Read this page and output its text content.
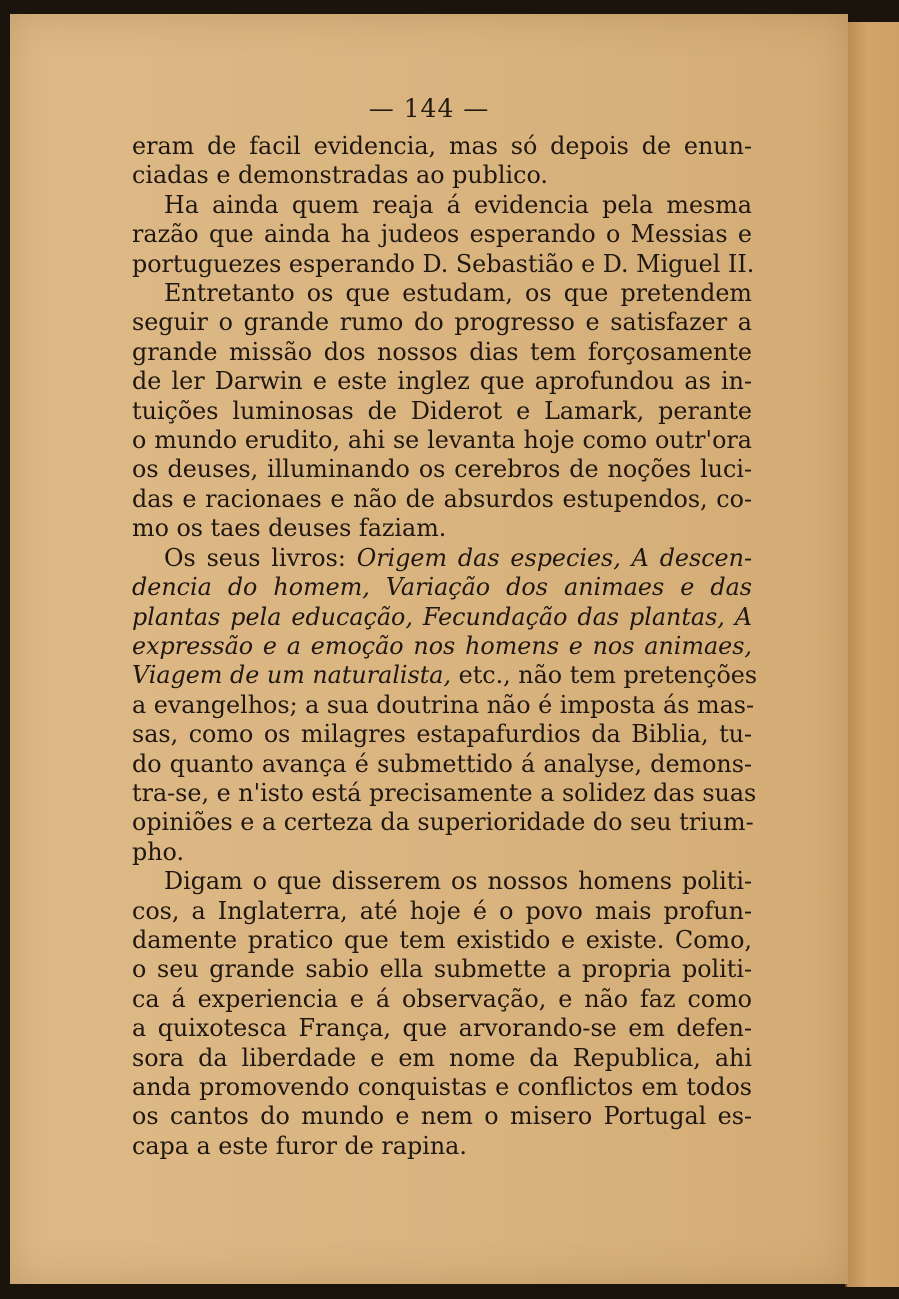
— 144 —
eram de facil evidencia, mas só depois de enun-
ciadas e demonstradas ao publico.
Ha ainda quem reaja á evidencia pela mesma
razão que ainda ha judeos esperando o Messias e
portuguezes esperando D. Sebastião e D. Miguel II.
Entretanto os que estudam, os que pretendem
seguir o grande rumo do progresso e satisfazer a
grande missão dos nossos dias tem forçosamente
de ler Darwin e este inglez que aprofundou as in-
tuições luminosas de Diderot e Lamark, perante
o mundo erudito, ahi se levanta hoje como outr'ora
os deuses, illuminando os cerebros de noções luci-
das e racionaes e não de absurdos estupendos, co-
mo os taes deuses faziam.
Os seus livros: Origem das especies, A descen-
dencia do homem, Variação dos animaes e das
plantas pela educação, Fecundação das plantas, A
expressão e a emoção nos homens e nos animaes,
Viagem de um naturalista, etc., não tem pretenções
a evangelhos; a sua doutrina não é imposta ás mas-
sas, como os milagres estapafurdios da Biblia, tu-
do quanto avança é submettido á analyse, demons-
tra-se, e n'isto está precisamente a solidez das suas
opiniões e a certeza da superioridade do seu trium-
pho.
Digam o que disserem os nossos homens politi-
cos, a Inglaterra, até hoje é o povo mais profun-
damente pratico que tem existido e existe. Como,
o seu grande sabio ella submette a propria politi-
ca á experiencia e á observação, e não faz como
a quixotesca França, que arvorando-se em defen-
sora da liberdade e em nome da Republica, ahi
anda promovendo conquistas e conflictos em todos
os cantos do mundo e nem o misero Portugal es-
capa a este furor de rapina.
